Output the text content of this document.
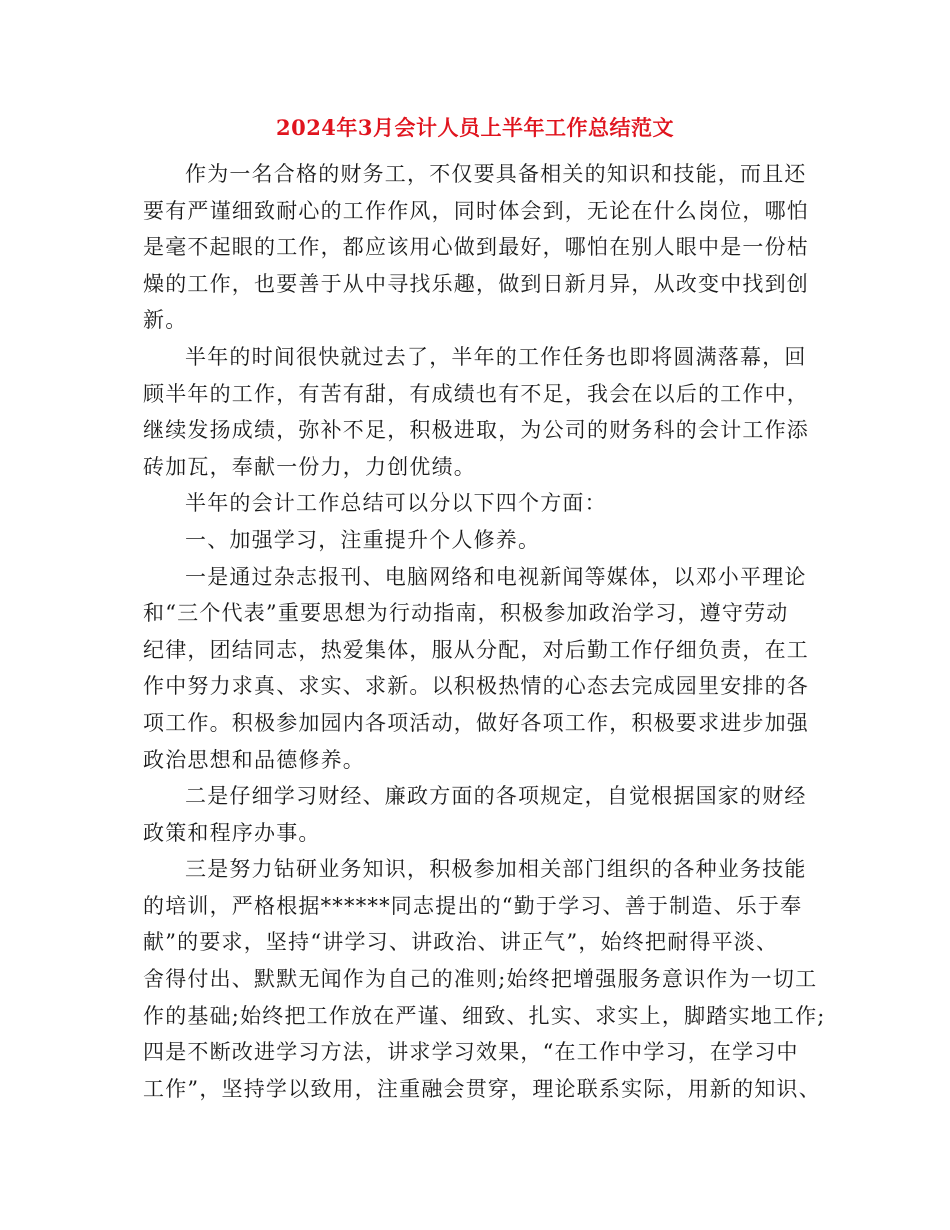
2024年3月会计人员上半年工作总结范文
作为一名合格的财务工，不仅要具备相关的知识和技能，而且还
要有严谨细致耐心的工作作风，同时体会到，无论在什么岗位，哪怕
是毫不起眼的工作，都应该用心做到最好，哪怕在别人眼中是一份枯
燥的工作，也要善于从中寻找乐趣，做到日新月异，从改变中找到创
新。
半年的时间很快就过去了，半年的工作任务也即将圆满落幕，回
顾半年的工作，有苦有甜，有成绩也有不足，我会在以后的工作中，
继续发扬成绩，弥补不足，积极进取，为公司的财务科的会计工作添
砖加瓦，奉献一份力，力创优绩。
半年的会计工作总结可以分以下四个方面：
一、加强学习，注重提升个人修养。
一是通过杂志报刊、电脑网络和电视新闻等媒体，以邓小平理论
和“三个代表”重要思想为行动指南，积极参加政治学习，遵守劳动
纪律，团结同志，热爱集体，服从分配，对后勤工作仔细负责，在工
作中努力求真、求实、求新。以积极热情的心态去完成园里安排的各
项工作。积极参加园内各项活动，做好各项工作，积极要求进步加强
政治思想和品德修养。
二是仔细学习财经、廉政方面的各项规定，自觉根据国家的财经
政策和程序办事。
三是努力钻研业务知识，积极参加相关部门组织的各种业务技能
的培训，严格根据******同志提出的“勤于学习、善于制造、乐于奉
献”的要求，坚持“讲学习、讲政治、讲正气”，始终把耐得平淡、
舍得付出、默默无闻作为自己的准则;始终把增强服务意识作为一切工
作的基础;始终把工作放在严谨、细致、扎实、求实上，脚踏实地工作;
四是不断改进学习方法，讲求学习效果，“在工作中学习，在学习中
工作”，坚持学以致用，注重融会贯穿，理论联系实际，用新的知识、
